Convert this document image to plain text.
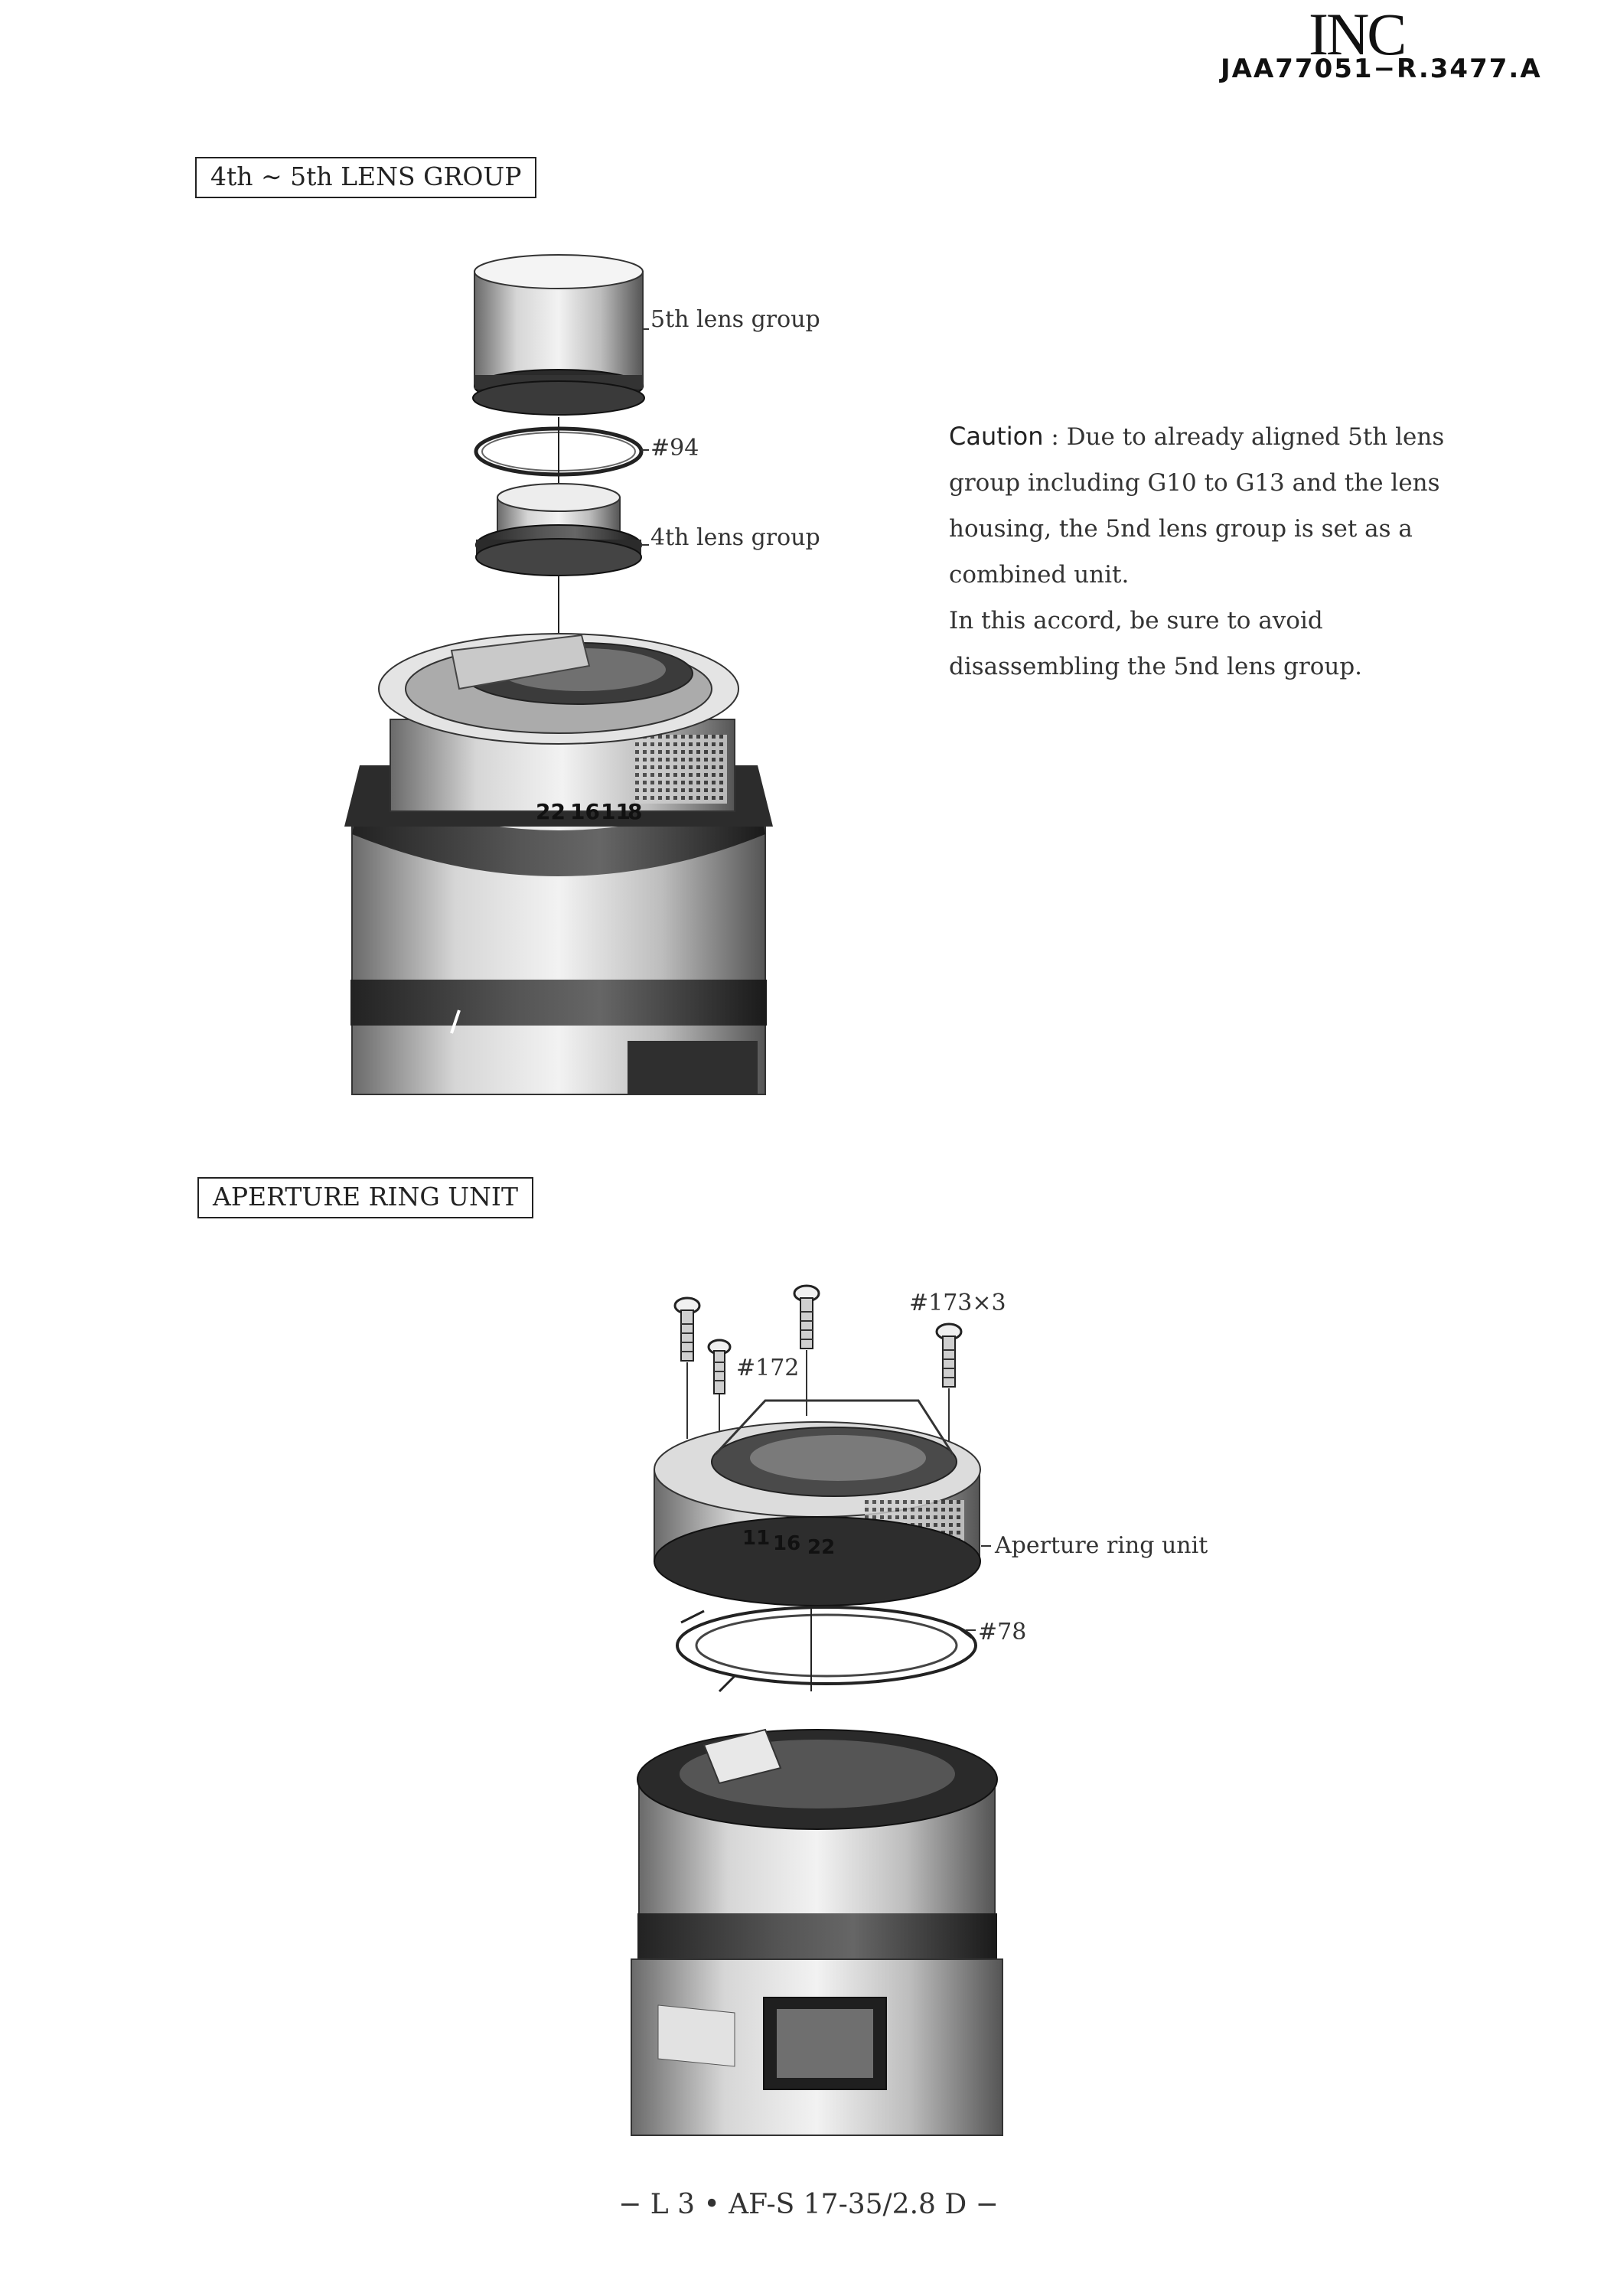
INC
JAA77051−R.3477.A
4th ∼ 5th LENS GROUP
22 16 11
8
22
16
11
5th lens group
#94
4th lens group

Caution : Due to already aligned 5th lens

group including G10 to G13 and the lens

housing, the 5nd lens group is set as a

combined unit.

In this accord, be sure to avoid

disassembling the 5nd lens group.

APERTURE RING UNIT
#173×3
#172
Aperture ring unit
#78
− L 3 • AF-S 17-35/2.8 D −
